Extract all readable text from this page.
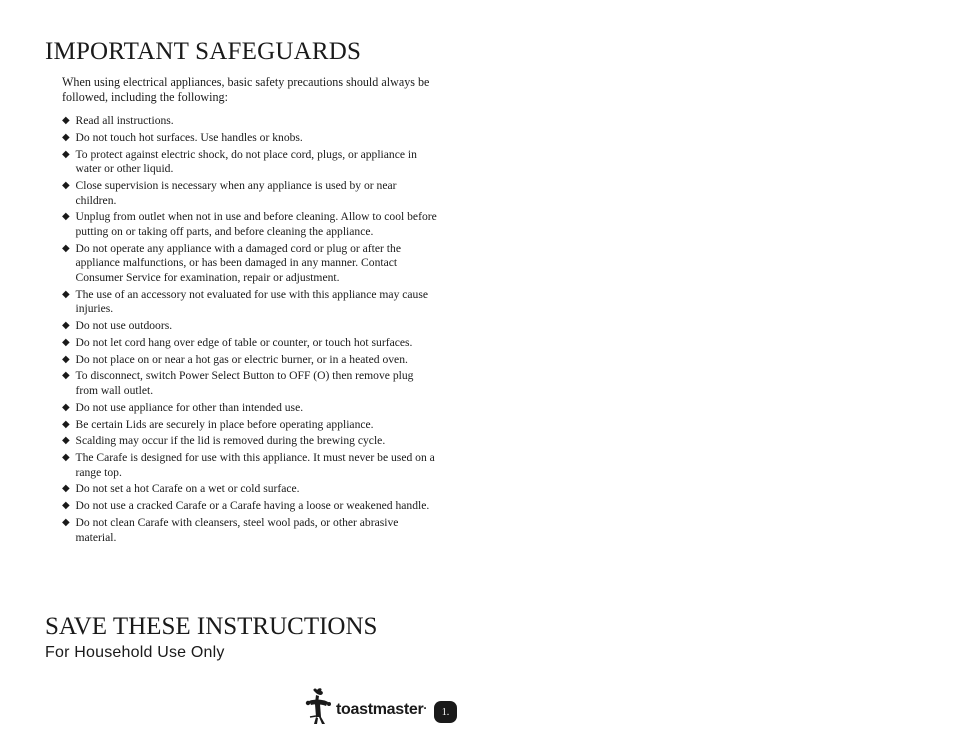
IMPORTANT SAFEGUARDS

When using electrical appliances, basic safety precautions should always be followed, including the following:

◆ Read all instructions.
◆ Do not touch hot surfaces. Use handles or knobs.
◆ To protect against electric shock, do not place cord, plugs, or appliance in water or other liquid.
◆ Close supervision is necessary when any appliance is used by or near children.
◆ Unplug from outlet when not in use and before cleaning. Allow to cool before putting on or taking off parts, and before cleaning the appliance.
◆ Do not operate any appliance with a damaged cord or plug or after the appliance malfunctions, or has been damaged in any manner. Contact Consumer Service for examination, repair or adjustment.
◆ The use of an accessory not evaluated for use with this appliance may cause injuries.
◆ Do not use outdoors.
◆ Do not let cord hang over edge of table or counter, or touch hot surfaces.
◆ Do not place on or near a hot gas or electric burner, or in a heated oven.
◆ To disconnect, switch Power Select Button to OFF (O) then remove plug from wall outlet.
◆ Do not use appliance for other than intended use.
◆ Be certain Lids are securely in place before operating appliance.
◆ Scalding may occur if the lid is removed during the brewing cycle.
◆ The Carafe is designed for use with this appliance. It must never be used on a range top.
◆ Do not set a hot Carafe on a wet or cold surface.
◆ Do not use a cracked Carafe or a Carafe having a loose or weakened handle.
◆ Do not clean Carafe with cleansers, steel wool pads, or other abrasive material.
SAVE THESE INSTRUCTIONS

For Household Use Only

toastmaster·	1.
